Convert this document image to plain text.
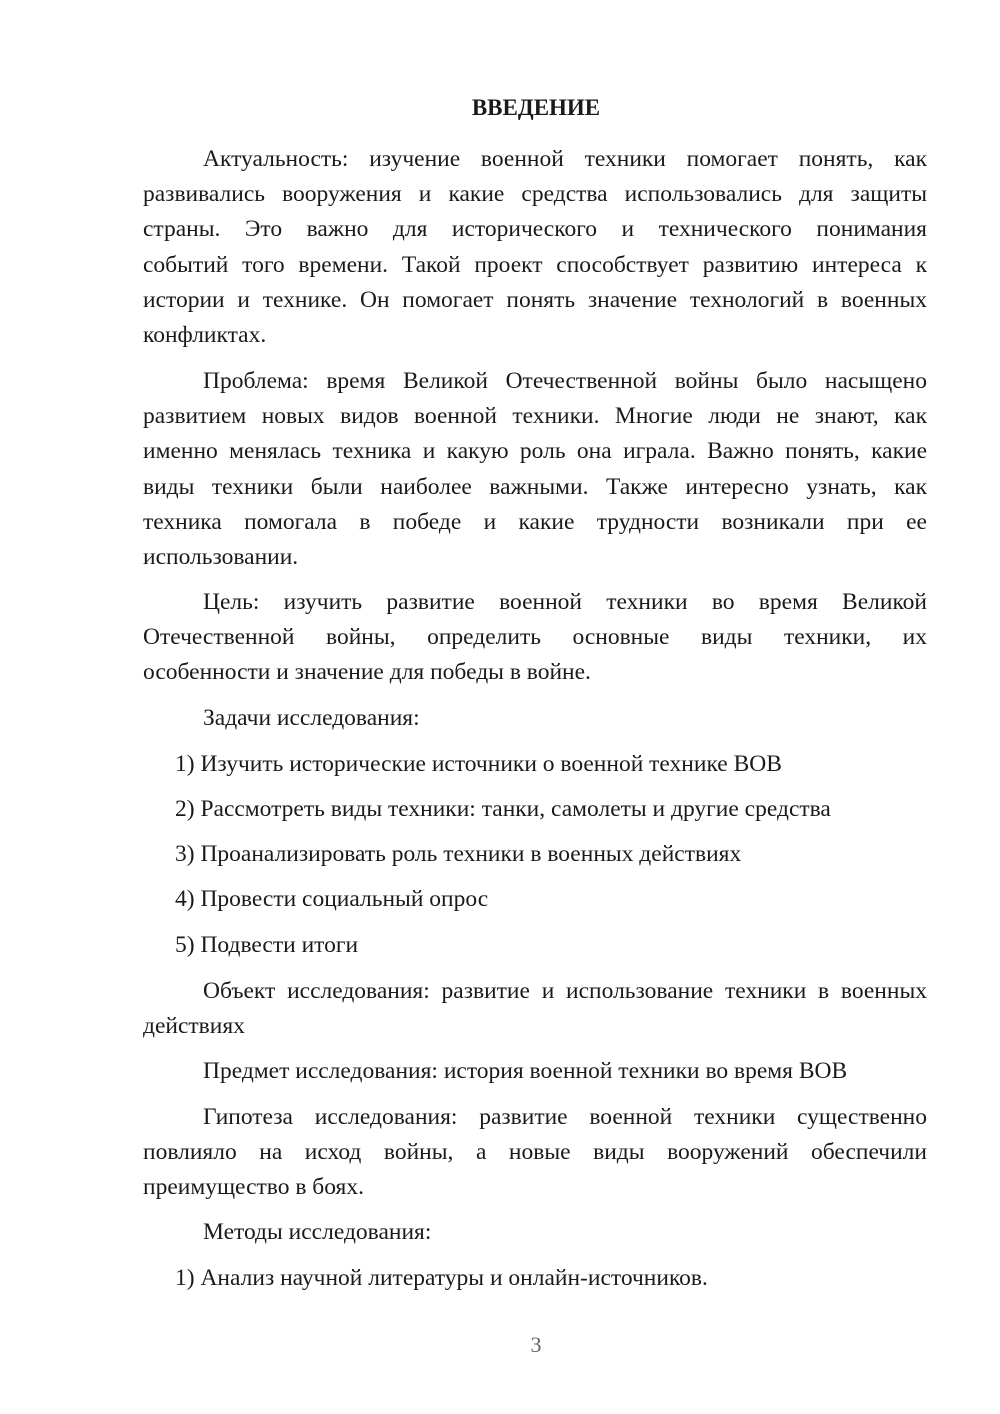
ВВЕДЕНИЕ
Актуальность: изучение военной техники помогает понять, как
развивались вооружения и какие средства использовались для защиты
страны. Это важно для исторического и технического понимания
событий того времени. Такой проект способствует развитию интереса к
истории и технике. Он помогает понять значение технологий в военных
конфликтах.
Проблема: время Великой Отечественной войны было насыщено
развитием новых видов военной техники. Многие люди не знают, как
именно менялась техника и какую роль она играла. Важно понять, какие
виды техники были наиболее важными. Также интересно узнать, как
техника помогала в победе и какие трудности возникали при ее
использовании.
Цель: изучить развитие военной техники во время Великой
Отечественной войны, определить основные виды техники, их
особенности и значение для победы в войне.
Задачи исследования:
1) Изучить исторические источники о военной технике ВОВ
2) Рассмотреть виды техники: танки, самолеты и другие средства
3) Проанализировать роль техники в военных действиях
4) Провести социальный опрос
5) Подвести итоги
Объект исследования: развитие и использование техники в военных
действиях
Предмет исследования: история военной техники во время ВОВ
Гипотеза исследования: развитие военной техники существенно
повлияло на исход войны, а новые виды вооружений обеспечили
преимущество в боях.
Методы исследования:
1) Анализ научной литературы и онлайн-источников.
3
